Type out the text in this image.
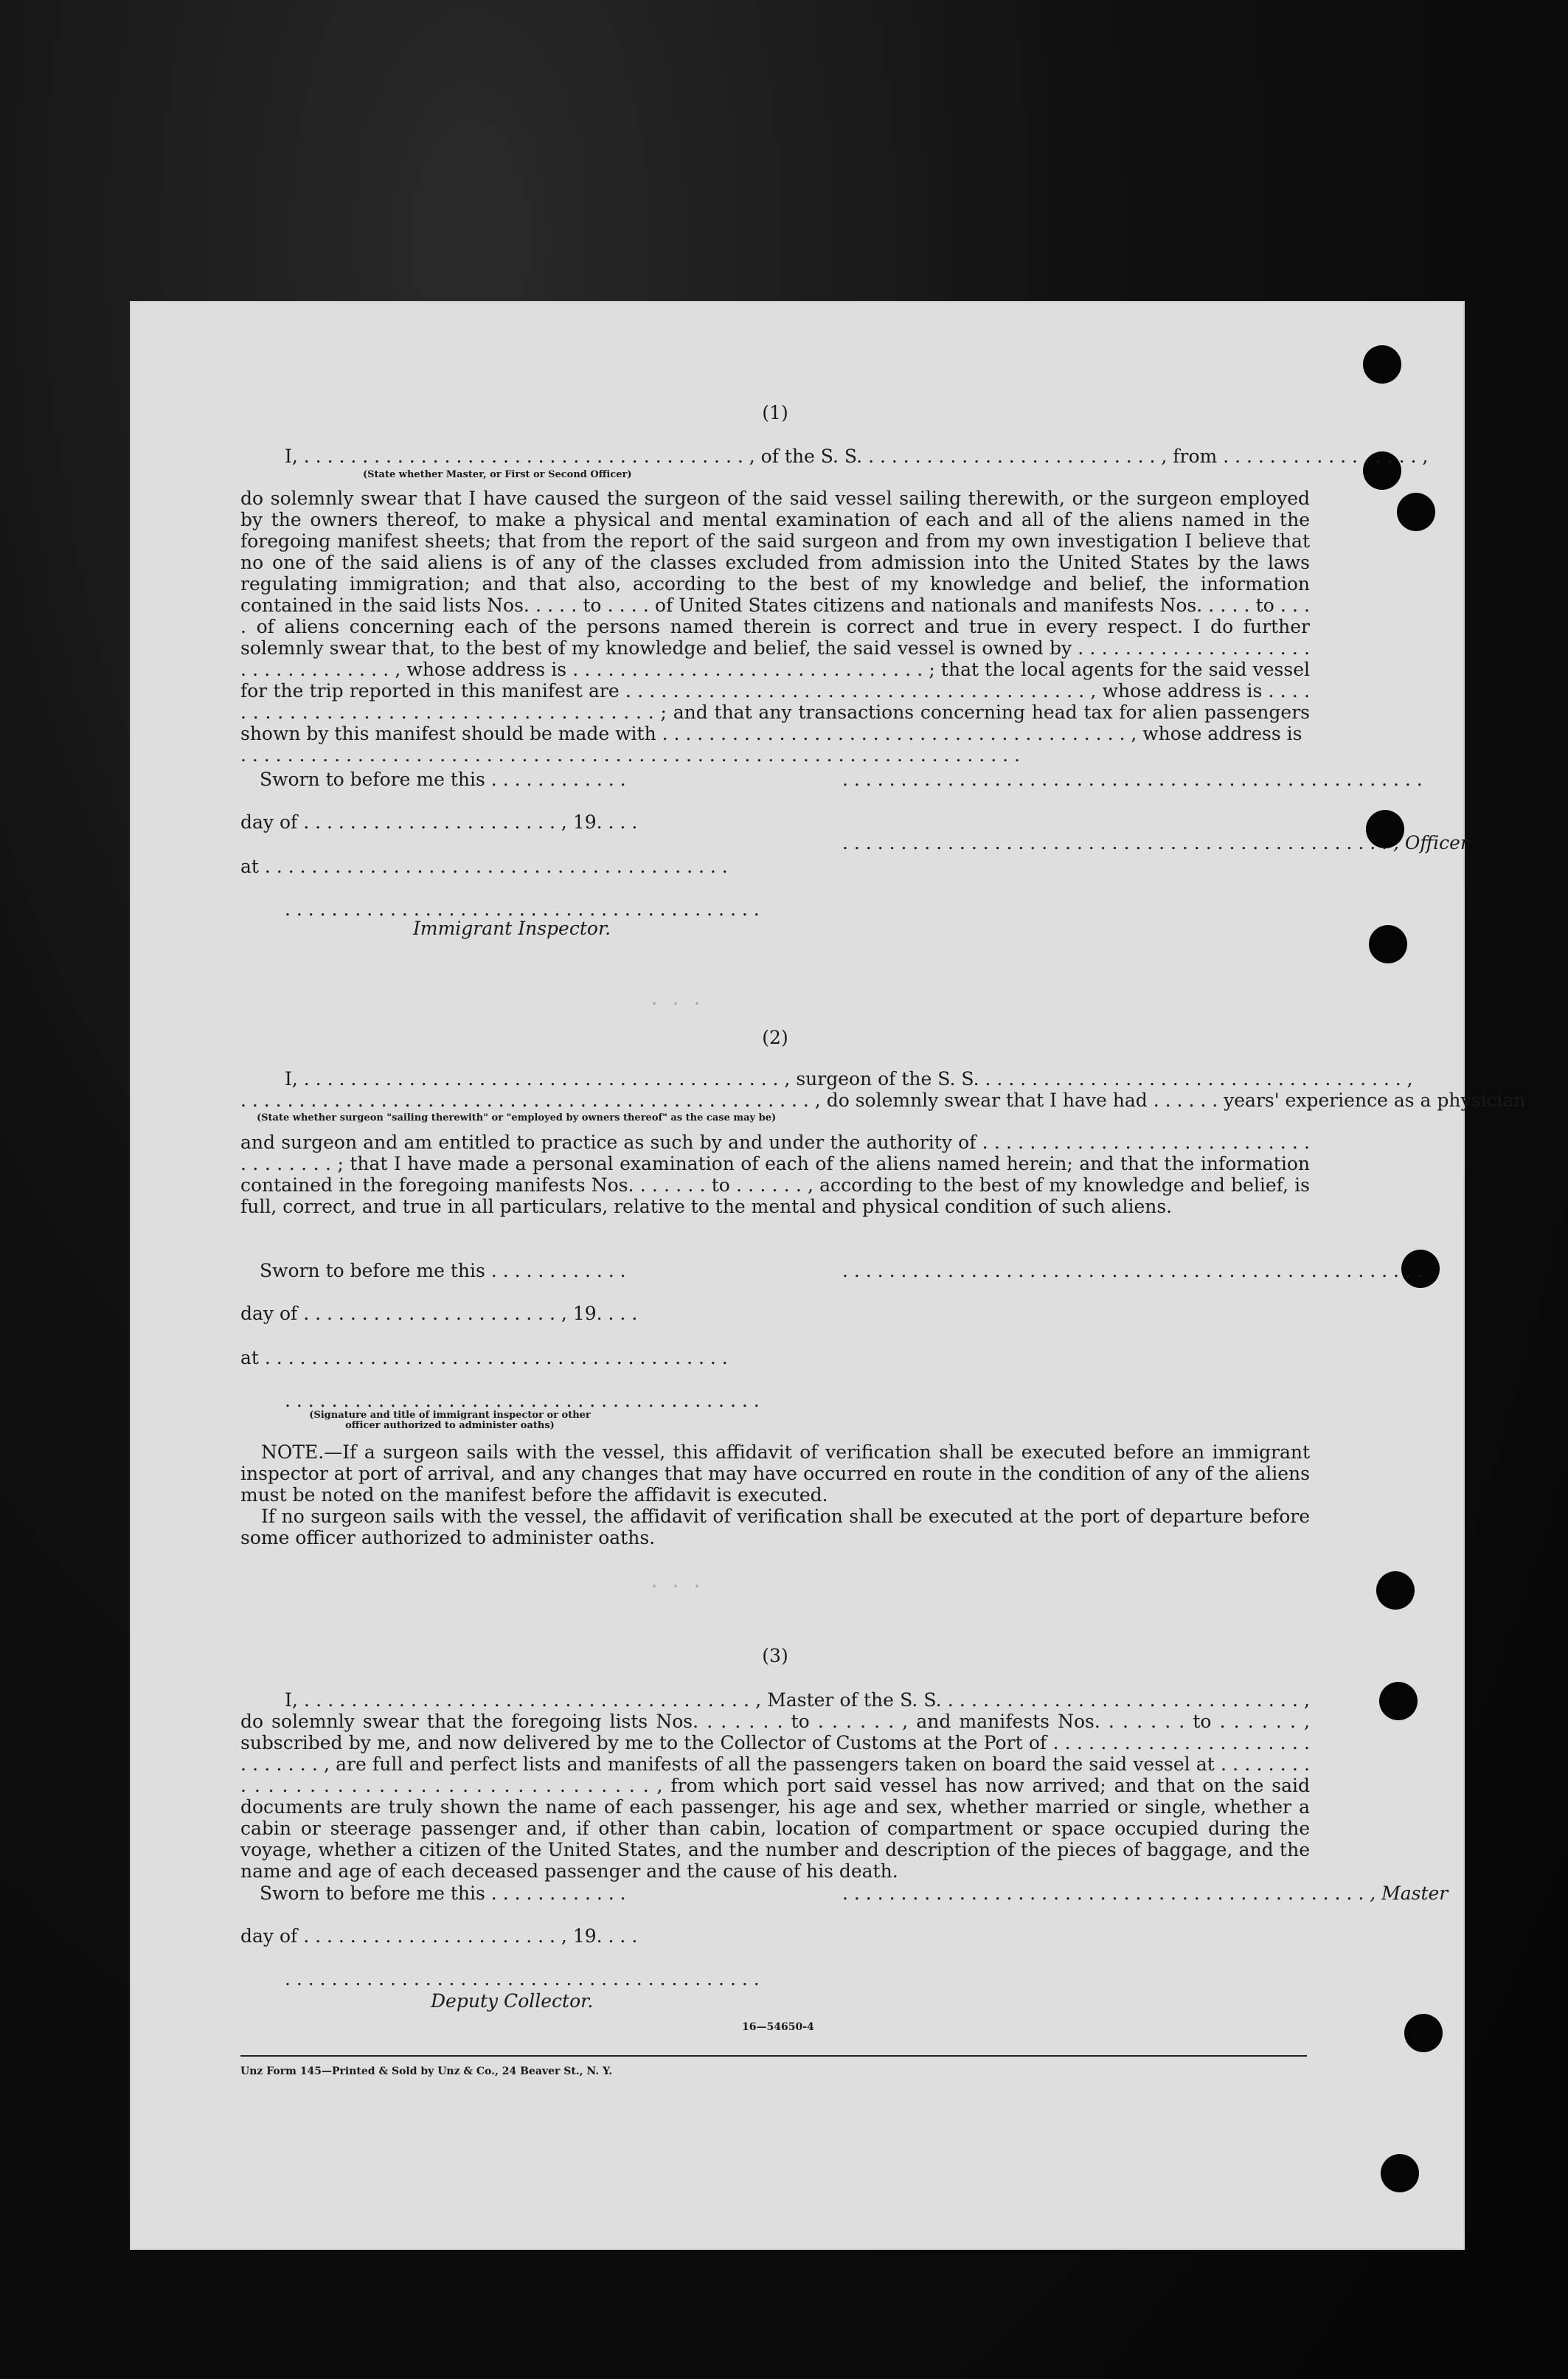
. . .
. . .
(1)
I, . . . . . . . . . . . . . . . . . . . . . . . . . . . . . . . . . . . . . . , of the S. S. . . . . . . . . . . . . . . . . . . . . . . . . . , from . . . . . . . . . . . . . . . . . ,
(State whether Master, or First or Second Officer)

do solemnly swear that I have caused the surgeon of the said vessel sailing therewith, or the surgeon employed by the owners thereof, to make a physical and mental examination of each and all of the aliens named in the foregoing manifest sheets; that from the report of the said surgeon and from my own investigation I believe that no one of the said aliens is of any of the classes excluded from admission into the United States by the laws regulating immigration; and that also, according to the best of my knowledge and belief, the information contained in the said lists Nos. . . . . to . . . . of United States citizens and nationals and manifests Nos. . . . . to . . . . of aliens concerning each of the persons named therein is correct and true in every respect. I do further solemnly swear that, to the best of my knowledge and belief, the said vessel is owned by . . . . . . . . . . . . . . . . . . . . . . . . . . . . . . . . . , whose address is . . . . . . . . . . . . . . . . . . . . . . . . . . . . . . ; that the local agents for the said vessel for the trip reported in this manifest are . . . . . . . . . . . . . . . . . . . . . . . . . . . . . . . . . . . . . . . , whose address is . . . . . . . . . . . . . . . . . . . . . . . . . . . . . . . . . . . . . . ; and that any transactions concerning head tax for alien passengers shown by this manifest should be made with . . . . . . . . . . . . . . . . . . . . . . . . . . . . . . . . . . . . . . . . , whose address is

. . . . . . . . . . . . . . . . . . . . . . . . . . . . . . . . . . . . . . . . . . . . . . . . . . . . . . . . . . . . . . . . . . .

Sworn to before me this . . . . . . . . . . . .	. . . . . . . . . . . . . . . . . . . . . . . . . . . . . . . . . . . . . . . . . . . . . . . . . .
day of . . . . . . . . . . . . . . . . . . . . . . , 19. . . .
. . . . . . . . . . . . . . . . . . . . . . . . . . . . . . . . . . . . . . . . . . . . . . . , Officer
at . . . . . . . . . . . . . . . . . . . . . . . . . . . . . . . . . . . . . . . .
. . . . . . . . . . . . . . . . . . . . . . . . . . . . . . . . . . . . . . . . .
Immigrant Inspector.
(2)
I, . . . . . . . . . . . . . . . . . . . . . . . . . . . . . . . . . . . . . . . . . , surgeon of the S. S. . . . . . . . . . . . . . . . . . . . . . . . . . . . . . . . . . . . . ,
. . . . . . . . . . . . . . . . . . . . . . . . . . . . . . . . . . . . . . . . . . . . . . . . . , do solemnly swear that I have had . . . . . . years' experience as a physician
(State whether surgeon "sailing therewith" or "employed by owners thereof" as the case may be)

and surgeon and am entitled to practice as such by and under the authority of . . . . . . . . . . . . . . . . . . . . . . . . . . . . . . . . . . . . ; that I have made a personal examination of each of the aliens named herein; and that the information contained in the foregoing manifests Nos. . . . . . . to . . . . . . , according to the best of my knowledge and belief, is full, correct, and true in all particulars, relative to the mental and physical condition of such aliens.

Sworn to before me this . . . . . . . . . . . .	. . . . . . . . . . . . . . . . . . . . . . . . . . . . . . . . . . . . . . . . . . . . . . . . . .
day of . . . . . . . . . . . . . . . . . . . . . . , 19. . . .
at . . . . . . . . . . . . . . . . . . . . . . . . . . . . . . . . . . . . . . . .
. . . . . . . . . . . . . . . . . . . . . . . . . . . . . . . . . . . . . . . . .
(Signature and title of immigrant inspector or other officer authorized to administer oaths)

NOTE.—If a surgeon sails with the vessel, this affidavit of verification shall be executed before an immigrant inspector at port of arrival, and any changes that may have occurred en route in the condition of any of the aliens must be noted on the manifest before the affidavit is executed.

If no surgeon sails with the vessel, the affidavit of verification shall be executed at the port of departure before some officer authorized to administer oaths.

(3)

I, . . . . . . . . . . . . . . . . . . . . . . . . . . . . . . . . . . . . . . , Master of the S. S. . . . . . . . . . . . . . . . . . . . . . . . . . . . . . . , do solemnly swear that the foregoing lists Nos. . . . . . . to . . . . . . , and manifests Nos. . . . . . . to . . . . . . , subscribed by me, and now delivered by me to the Collector of Customs at the Port of . . . . . . . . . . . . . . . . . . . . . . . . . . . . . , are full and perfect lists and manifests of all the passengers taken on board the said vessel at . . . . . . . . . . . . . . . . . . . . . . . . . . . . . . . . . . . . . . , from which port said vessel has now arrived; and that on the said documents are truly shown the name of each passenger, his age and sex, whether married or single, whether a cabin or steerage passenger and, if other than cabin, location of compartment or space occupied during the voyage, whether a citizen of the United States, and the number and description of the pieces of baggage, and the name and age of each deceased passenger and the cause of his death.

Sworn to before me this . . . . . . . . . . . .	. . . . . . . . . . . . . . . . . . . . . . . . . . . . . . . . . . . . . . . . . . . . . , Master
day of . . . . . . . . . . . . . . . . . . . . . . , 19. . . .
. . . . . . . . . . . . . . . . . . . . . . . . . . . . . . . . . . . . . . . . .
Deputy Collector.
16—54650-4
Unz Form 145—Printed & Sold by Unz & Co., 24 Beaver St., N. Y.
